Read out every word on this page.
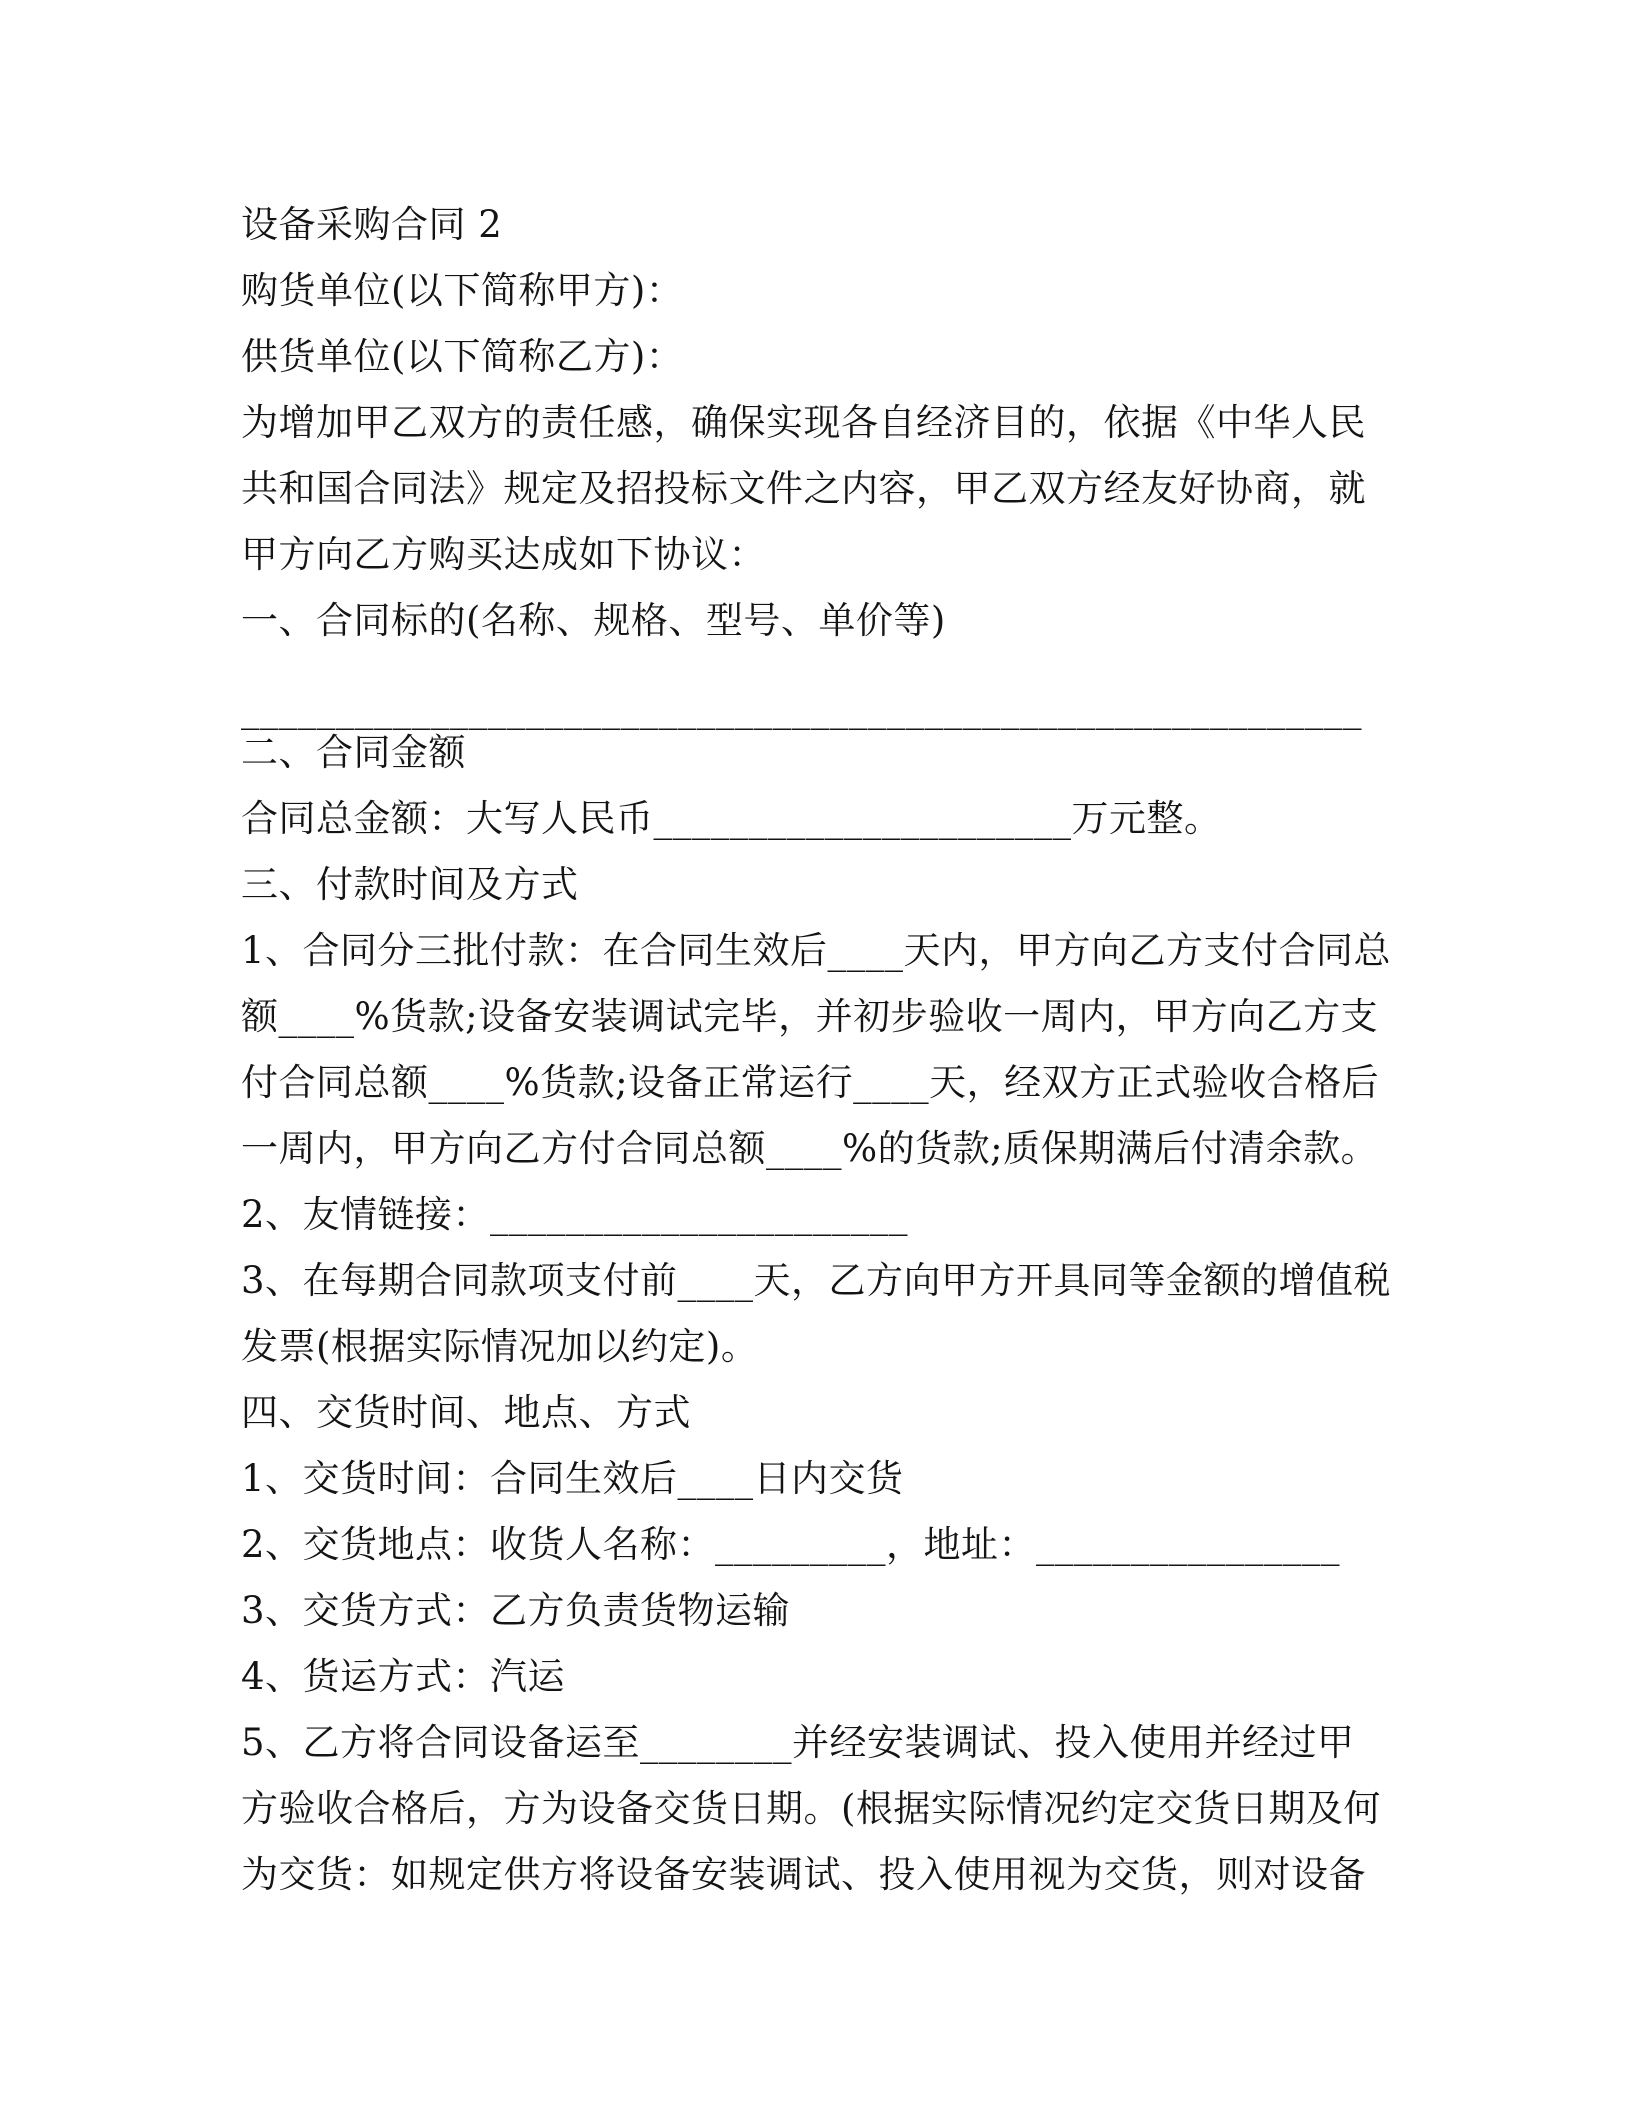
设备采购合同 2
购货单位(以下简称甲方)：
供货单位(以下简称乙方)：
为增加甲乙双方的责任感，确保实现各自经济目的，依据《中华人民
共和国合同法》规定及招投标文件之内容，甲乙双方经友好协商，就
甲方向乙方购买达成如下协议：
一、合同标的(名称、规格、型号、单价等)
___________________________________________________________
二、合同金额
合同总金额：大写人民币______________________万元整。
三、付款时间及方式
1、合同分三批付款：在合同生效后____天内，甲方向乙方支付合同总
额____%货款;设备安装调试完毕，并初步验收一周内，甲方向乙方支
付合同总额____%货款;设备正常运行____天，经双方正式验收合格后
一周内，甲方向乙方付合同总额____%的货款;质保期满后付清余款。
2、友情链接：______________________
3、在每期合同款项支付前____天，乙方向甲方开具同等金额的增值税
发票(根据实际情况加以约定)。
四、交货时间、地点、方式
1、交货时间：合同生效后____日内交货
2、交货地点：收货人名称：_________，地址：________________
3、交货方式：乙方负责货物运输
4、货运方式：汽运
5、乙方将合同设备运至________并经安装调试、投入使用并经过甲
方验收合格后，方为设备交货日期。(根据实际情况约定交货日期及何
为交货：如规定供方将设备安装调试、投入使用视为交货，则对设备
